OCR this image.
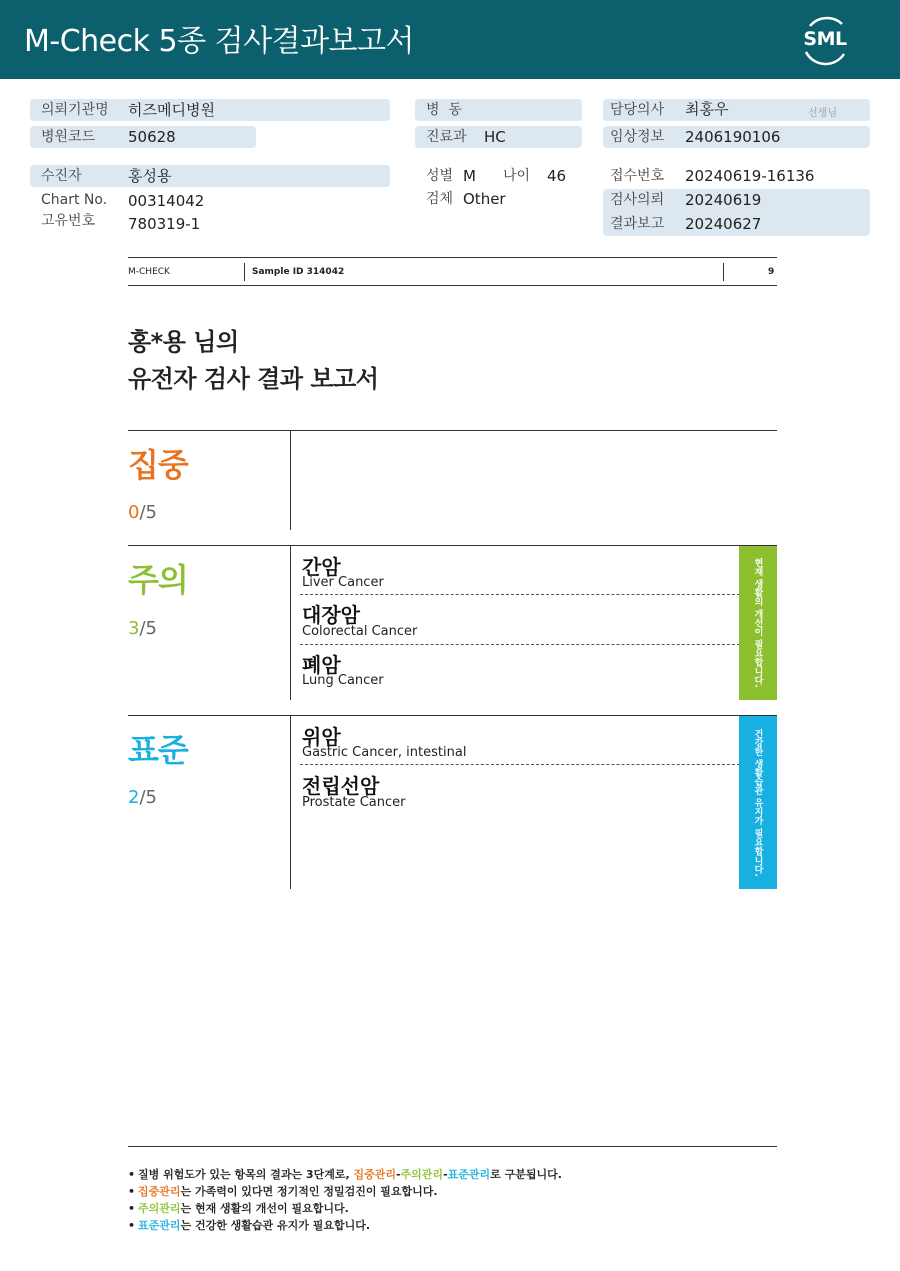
M-Check 5종 검사결과보고서	SML
의뢰기관명 히즈메디병원
병원코드 50628
병  동
진료과 HC
담당의사 최홍우	선생님
임상정보 2406190106
수진자	홍성용
Chart No. 00314042
고유번호 780319-1
성별 M 나이 46
검체 Other
접수번호 20240619-16136
검사의뢰 20240619
결과보고 20240627
M-CHECK	Sample ID 314042	9
홍*용 님의
유전자 검사 결과 보고서
집중
0/5
주의
3/5
간암
Liver Cancer
대장암
Colorectal Cancer
폐암
Lung Cancer	현재 생활의 개선이 필요합니다.
표준
2/5
위암
Gastric Cancer, intestinal
전립선암
Prostate Cancer	건강한 생활습관 유지가 필요합니다.
• 질병 위험도가 있는 항목의 결과는 3단계로, 집중관리-주의관리-표준관리로 구분됩니다.
• 집중관리는 가족력이 있다면 정기적인 정밀검진이 필요합니다.
• 주의관리는 현재 생활의 개선이 필요합니다.
• 표준관리는 건강한 생활습관 유지가 필요합니다.
